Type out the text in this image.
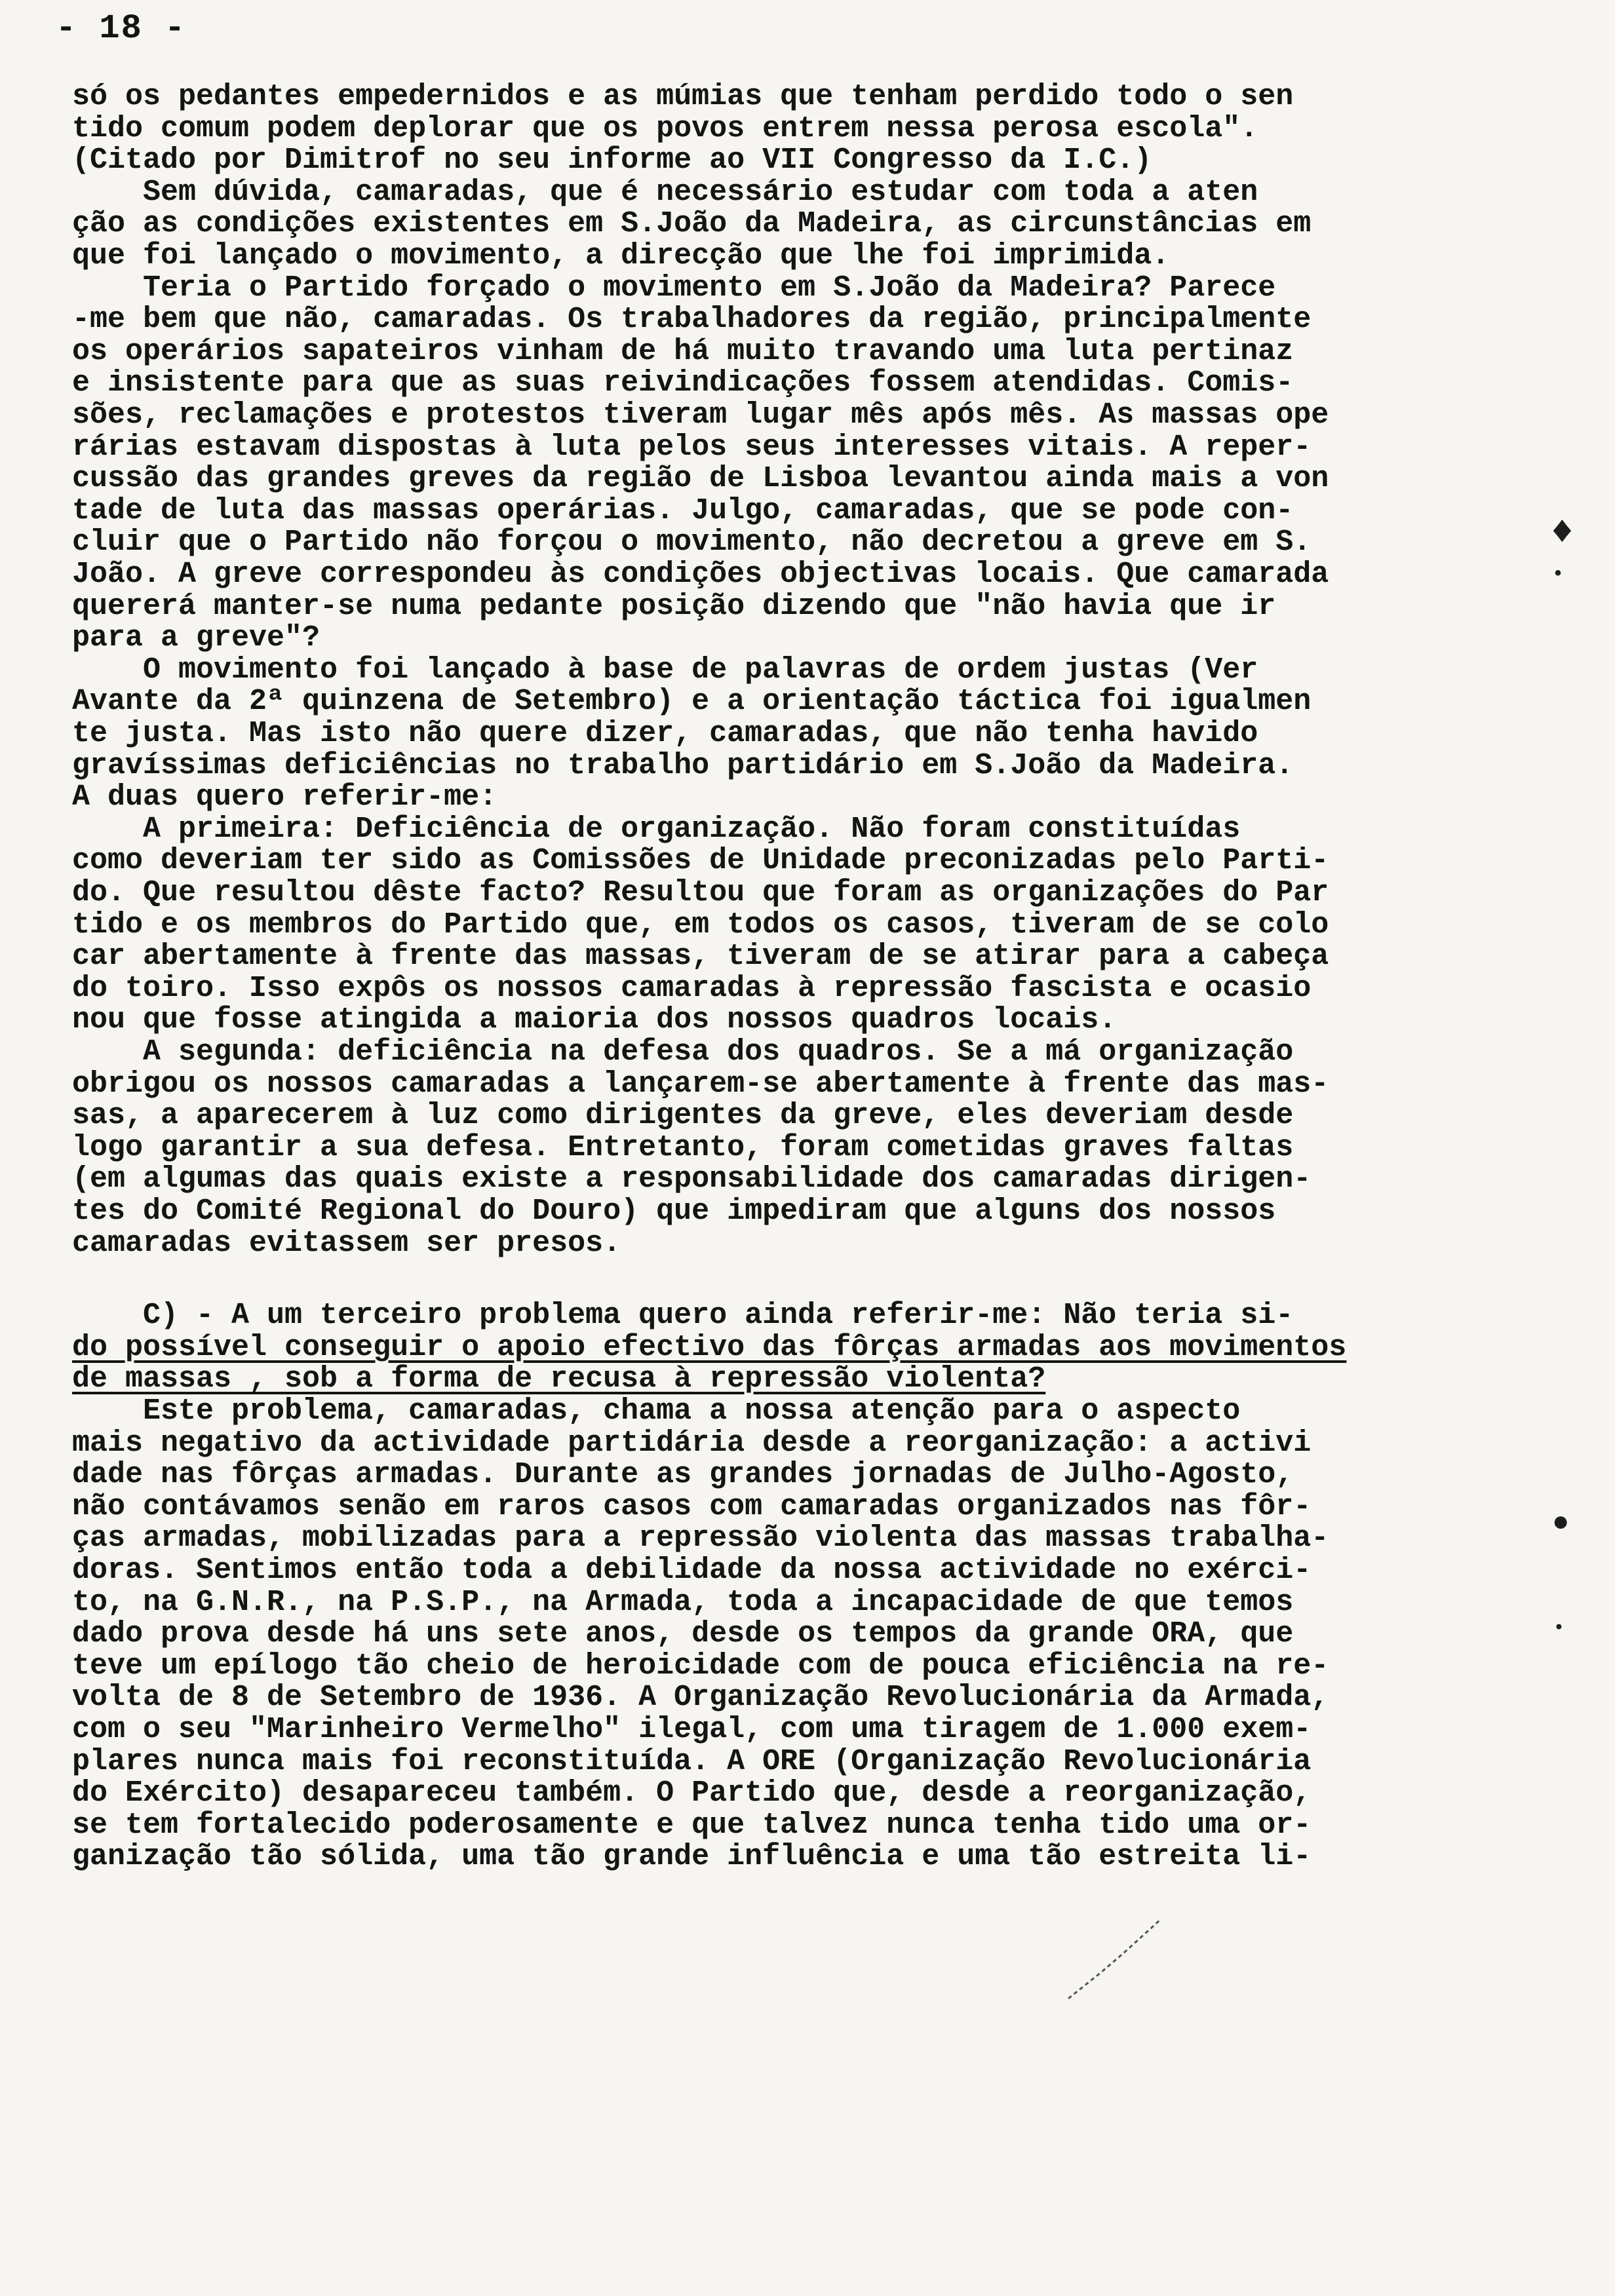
- 18 -
só os pedantes empedernidos e as múmias que tenham perdido todo o sen
tido comum podem deplorar que os povos entrem nessa perosa escola".
(Citado por Dimitrof no seu informe ao VII Congresso da I.C.)
Sem dúvida, camaradas, que é necessário estudar com toda a aten
ção as condições existentes em S.João da Madeira, as circunstâncias em
que foi lançado o movimento, a direcção que lhe foi imprimida.
Teria o Partido forçado o movimento em S.João da Madeira? Parece
-me bem que não, camaradas. Os trabalhadores da região, principalmente
os operários sapateiros vinham de há muito travando uma luta pertinaz
e insistente para que as suas reivindicações fossem atendidas. Comis-
sões, reclamações e protestos tiveram lugar mês após mês. As massas ope
rárias estavam dispostas à luta pelos seus interesses vitais. A reper-
cussão das grandes greves da região de Lisboa levantou ainda mais a von
tade de luta das massas operárias. Julgo, camaradas, que se pode con-
cluir que o Partido não forçou o movimento, não decretou a greve em S.
João. A greve correspondeu às condições objectivas locais. Que camarada
quererá manter-se numa pedante posição dizendo que "não havia que ir
para a greve"?
O movimento foi lançado à base de palavras de ordem justas (Ver
Avante da 2ª quinzena de Setembro) e a orientação táctica foi igualmen
te justa. Mas isto não quere dizer, camaradas, que não tenha havido
gravíssimas deficiências no trabalho partidário em S.João da Madeira.
A duas quero referir-me:
A primeira: Deficiência de organização. Não foram constituídas
como deveriam ter sido as Comissões de Unidade preconizadas pelo Parti-
do. Que resultou dêste facto? Resultou que foram as organizações do Par
tido e os membros do Partido que, em todos os casos, tiveram de se colo
car abertamente à frente das massas, tiveram de se atirar para a cabeça
do toiro. Isso expôs os nossos camaradas à repressão fascista e ocasio
nou que fosse atingida a maioria dos nossos quadros locais.
A segunda: deficiência na defesa dos quadros. Se a má organização
obrigou os nossos camaradas a lançarem-se abertamente à frente das mas-
sas, a aparecerem à luz como dirigentes da greve, eles deveriam desde
logo garantir a sua defesa. Entretanto, foram cometidas graves faltas
(em algumas das quais existe a responsabilidade dos camaradas dirigen-
tes do Comité Regional do Douro) que impediram que alguns dos nossos
camaradas evitassem ser presos.
C) - A um terceiro problema quero ainda referir-me: Não teria si-
do possível conseguir o apoio efectivo das fôrças armadas aos movimentos
de massas , sob a forma de recusa à repressão violenta?
Este problema, camaradas, chama a nossa atenção para o aspecto
mais negativo da actividade partidária desde a reorganização: a activi
dade nas fôrças armadas. Durante as grandes jornadas de Julho-Agosto,
não contávamos senão em raros casos com camaradas organizados nas fôr-
ças armadas, mobilizadas para a repressão violenta das massas trabalha-
doras. Sentimos então toda a debilidade da nossa actividade no exérci-
to, na G.N.R., na P.S.P., na Armada, toda a incapacidade de que temos
dado prova desde há uns sete anos, desde os tempos da grande ORA, que
teve um epílogo tão cheio de heroicidade com de pouca eficiência na re-
volta de 8 de Setembro de 1936. A Organização Revolucionária da Armada,
com o seu "Marinheiro Vermelho" ilegal, com uma tiragem de 1.000 exem-
plares nunca mais foi reconstituída. A ORE (Organização Revolucionária
do Exército) desapareceu também. O Partido que, desde a reorganização,
se tem fortalecido poderosamente e que talvez nunca tenha tido uma or-
ganização tão sólida, uma tão grande influência e uma tão estreita li-
♦
•
●
•
